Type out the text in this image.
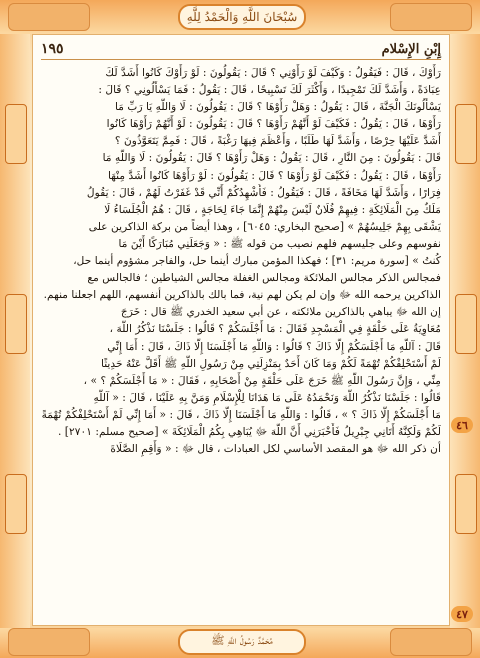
سُبْحَانَ اللَّهِ وَالْحَمْدُ لِلَّهِ
إِبْنِ الإِسْلام
١٩٥

رَأَوْكَ ، قَالَ : فَيَقُولُ : وَكَيْفَ لَوْ رَأَوْنِي ؟ قَالَ : يَقُولُونَ : لَوْ رَأَوْكَ كَانُوا أَشَدَّ لَكَ

عِبَادَةً ، وَأَشَدَّ لَكَ تَمْجِيدًا ، وَأَكْثَرَ لَكَ تَسْبِيحًا ، قَالَ : يَقُولُ : فَمَا يَسْأَلُونِي ؟ قَالَ :

يَسْأَلُونَكَ الْجَنَّةَ ، قَالَ : يَقُولُ : وَهَلْ رَأَوْهَا ؟ قَالَ : يَقُولُونَ : لَا وَاللَّهِ يَا رَبِّ مَا

رَأَوْهَا ، قَالَ : يَقُولُ : فَكَيْفَ لَوْ أَنَّهُمْ رَأَوْهَا ؟ قَالَ : يَقُولُونَ : لَوْ أَنَّهُمْ رَأَوْهَا كَانُوا

أَشَدَّ عَلَيْهَا حِرْصًا ، وَأَشَدَّ لَهَا طَلَبًا ، وَأَعْظَمَ فِيهَا رَغْبَةً ، قَالَ : فَمِمَّ يَتَعَوَّذُونَ ؟

قَالَ : يَقُولُونَ : مِنَ النَّارِ ، قَالَ : يَقُولُ : وَهَلْ رَأَوْهَا ؟ قَالَ : يَقُولُونَ : لَا وَاللَّهِ مَا

رَأَوْهَا ، قَالَ : يَقُولُ : فَكَيْفَ لَوْ رَأَوْهَا ؟ قَالَ : يَقُولُونَ : لَوْ رَأَوْهَا كَانُوا أَشَدَّ مِنْهَا

فِرَارًا ، وَأَشَدَّ لَهَا مَخَافَةً ، قَالَ : فَيَقُولُ : فَأُشْهِدُكُمْ أَنِّي قَدْ غَفَرْتُ لَهُمْ ، قَالَ : يَقُولُ

مَلَكٌ مِنَ الْمَلَائِكَةِ : فِيهِمْ فُلَانٌ لَيْسَ مِنْهُمْ إِنَّمَا جَاءَ لِحَاجَةٍ ، قَالَ : هُمُ الْجُلَسَاءُ لَا

يَشْقَى بِهِمْ جَلِيسُهُمْ » [صحيح البخاري: ٦٠٤٥] ، وهذا أيضاً من بركة الذاكرين على

نفوسهم وعلى جليسهم فلهم نصيب من قوله ﷺ : « وَجَعَلَنِي مُبَارَكًا أَيْنَ مَا

كُنتُ » [سورة مريم: ٣١] ؛ فهكذا المؤمن مبارك أينما حل، والفاجر مشؤوم أينما حل،

فمجالس الذكر مجالس الملائكة ومجالس الغفلة مجالس الشياطين ؛ فالجالس مع

الذاكرين يرحمه الله ﷻ وإن لم يكن لهم نية، فما بالك بالذاكرين أنفسهم، اللهم اجعلنا منهم.

إن الله ﷻ يباهي بالذاكرين ملائكته ، عن أبي سعيد الخدري ﷺ قال : خَرَجَ

مُعَاوِيَةُ عَلَى حَلْقَةٍ فِي الْمَسْجِدِ فَقَالَ : مَا أَجْلَسَكُمْ ؟ قَالُوا : جَلَسْنَا نَذْكُرُ اللَّهَ ،

قَالَ : آللَّهِ مَا أَجْلَسَكُمْ إِلَّا ذَاكَ ؟ قَالُوا : وَاللَّهِ مَا أَجْلَسَنَا إِلَّا ذَاكَ ، قَالَ : أَمَا إِنِّي

لَمْ أَسْتَحْلِفْكُمْ تُهْمَةً لَكُمْ وَمَا كَانَ أَحَدٌ بِمَنْزِلَتِي مِنْ رَسُولِ اللَّهِ ﷺ أَقَلَّ عَنْهُ حَدِيثًا

مِنِّي ، وَإِنَّ رَسُولَ اللَّهِ ﷺ خَرَجَ عَلَى حَلْقَةٍ مِنْ أَصْحَابِهِ ، فَقَالَ : « مَا أَجْلَسَكُمْ ؟ » ،

قَالُوا : جَلَسْنَا نَذْكُرُ اللَّهَ وَنَحْمَدُهُ عَلَى مَا هَدَانَا لِلْإِسْلَامِ وَمَنَّ بِهِ عَلَيْنَا ، قَالَ : « آللَّهِ

مَا أَجْلَسَكُمْ إِلَّا ذَاكَ ؟ » ، قَالُوا : وَاللَّهِ مَا أَجْلَسَنَا إِلَّا ذَاكَ ، قَالَ : « أَمَا إِنِّي لَمْ أَسْتَحْلِفْكُمْ تُهْمَةً

لَكُمْ وَلَكِنَّهُ أَتَانِي جِبْرِيلُ فَأَخْبَرَنِي أَنَّ اللَّهَ ﷻ يُبَاهِي بِكُمُ الْمَلَائِكَةَ » [صحيح مسلم: ٢٧٠١] .

أن ذكر الله ﷻ هو المقصد الأساسي لكل العبادات ، قال ﷻ : « وَأَقِمِ الصَّلَاةَ

٤٦
٤٧
مُحَمَّدٌ رَسُولُ اللَّهِ ﷺ
